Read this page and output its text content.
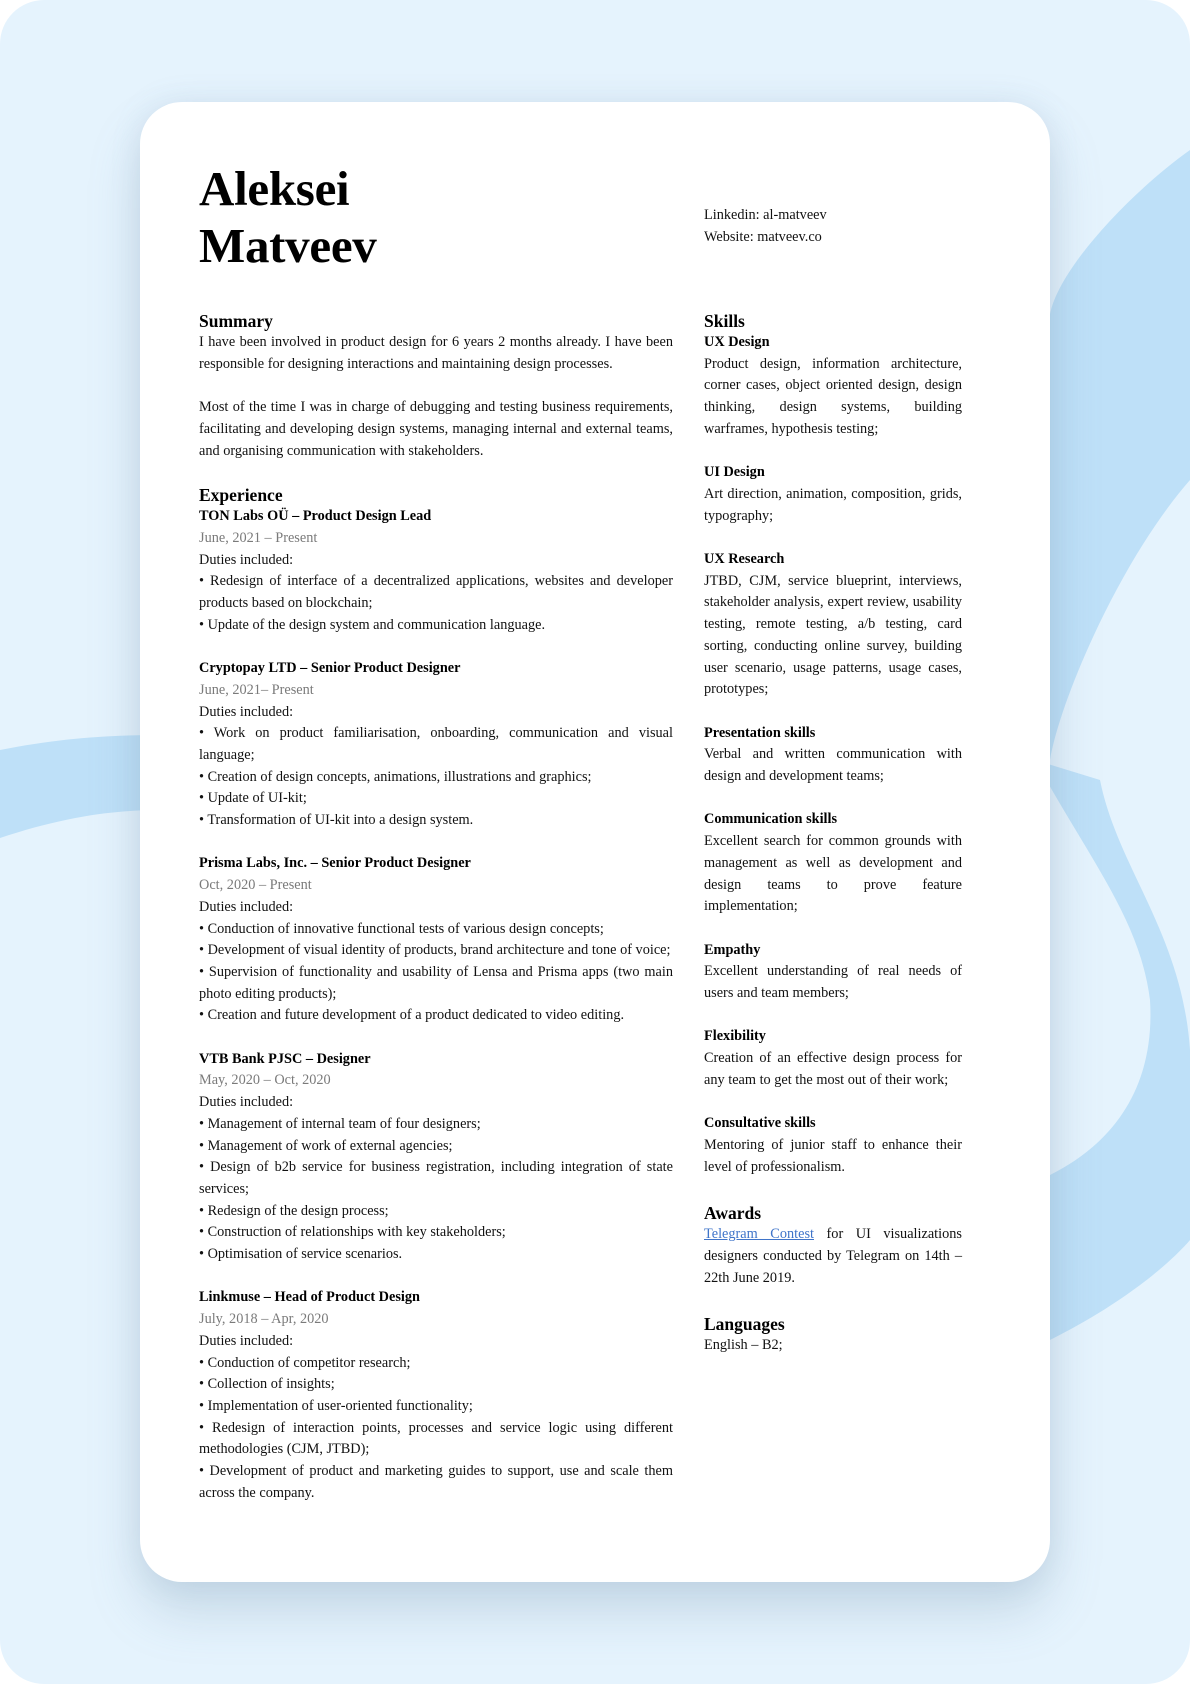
Aleksei
Matveev
Summary

I have been involved in product design for 6 years 2 months already. I have been responsible for designing interactions and maintaining design processes.

Most of the time I was in charge of debugging and testing business requirements, facilitating and developing design systems, managing internal and external teams, and organising communication with stakeholders.

Experience
TON Labs OÜ – Product Design Lead
June, 2021 – Present
Duties included:

• Redesign of interface of a decentralized applications, websites and developer products based on blockchain;

• Update of the design system and communication language.

Cryptopay LTD – Senior Product Designer
June, 2021– Present
Duties included:

• Work on product familiarisation, onboarding, communication and visual language;

• Creation of design concepts, animations, illustrations and graphics;

• Update of UI-kit;

• Transformation of UI-kit into a design system.

Prisma Labs, Inc. – Senior Product Designer
Oct, 2020 – Present
Duties included:

• Conduction of innovative functional tests of various design concepts;

• Development of visual identity of products, brand architecture and tone of voice;

• Supervision of functionality and usability of Lensa and Prisma apps (two main photo editing products);

• Creation and future development of a product dedicated to video editing.

VTB Bank PJSC – Designer
May, 2020 – Oct, 2020
Duties included:

• Management of internal team of four designers;

• Management of work of external agencies;

• Design of b2b service for business registration, including integration of state services;

• Redesign of the design process;

• Construction of relationships with key stakeholders;

• Optimisation of service scenarios.

Linkmuse – Head of Product Design
July, 2018 – Apr, 2020
Duties included:

• Conduction of competitor research;

• Collection of insights;

• Implementation of user-oriented functionality;

• Redesign of interaction points, processes and service logic using different methodologies (CJM, JTBD);

• Development of product and marketing guides to support, use and scale them across the company.

Linkedin: al-matveev
Website: matveev.co
Skills
UX Design

Product design, information architecture, corner cases, object oriented design, design thinking, design systems, building warframes, hypothesis testing;

UI Design

Art direction, animation, composition, grids, typography;

UX Research

JTBD, CJM, service blueprint, interviews, stakeholder analysis, expert review, usability testing, remote testing, a/b testing, card sorting, conducting online survey, building user scenario, usage patterns, usage cases, prototypes;

Presentation skills

Verbal and written communication with design and development teams;

Communication skills

Excellent search for common grounds with management as well as development and design teams to prove feature implementation;

Empathy

Excellent understanding of real needs of users and team members;

Flexibility

Creation of an effective design process for any team to get the most out of their work;

Consultative skills

Mentoring of junior staff to enhance their level of professionalism.

Awards

Telegram Contest for UI visualizations designers conducted by Telegram on 14th – 22th June 2019.

Languages
English – B2;
